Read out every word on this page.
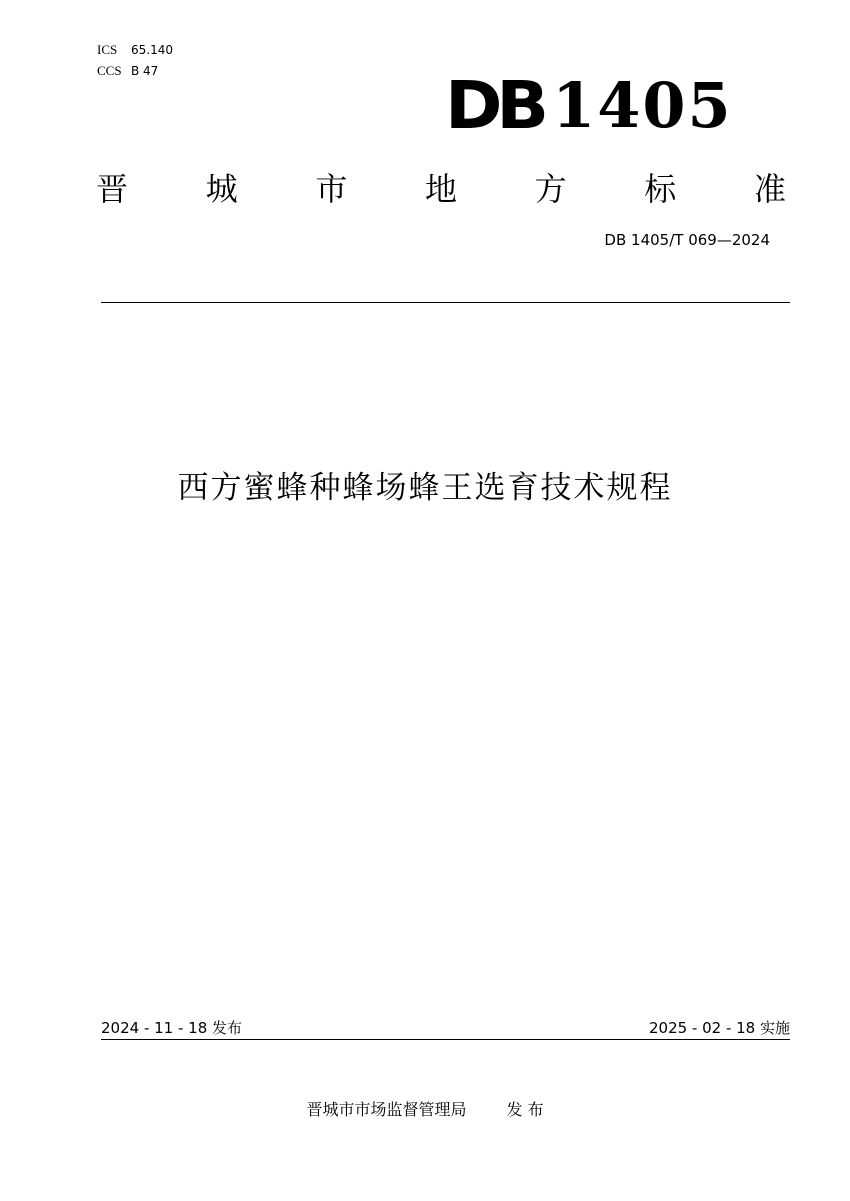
ICS 65.140
CCS B 47	DB 1405
晋 城 市 地 方 标 准
DB 1405/T 069—2024
西方蜜蜂种蜂场蜂王选育技术规程
2024 - 11 - 18 发布	2025 - 02 - 18 实施
晋城市市场监督管理局	发 布
